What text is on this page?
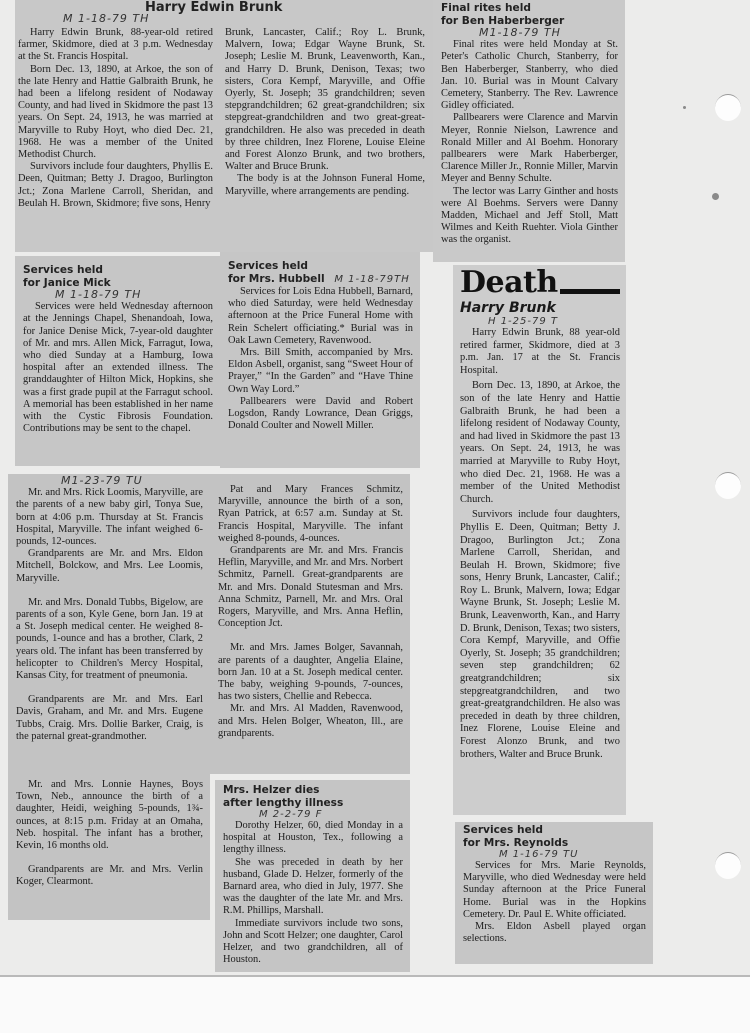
Harry Edwin Brunk
M 1-18-79 TH

Harry Edwin Brunk, 88-year-old retired farmer, Skidmore, died at 3 p.m. Wednesday at the St. Francis Hospital.

Born Dec. 13, 1890, at Arkoe, the son of the late Henry and Hattie Galbraith Brunk, he had been a lifelong resident of Nodaway County, and had lived in Skidmore the past 13 years. On Sept. 24, 1913, he was married at Maryville to Ruby Hoyt, who died Dec. 21, 1968. He was a member of the United Methodist Church.

Survivors include four daughters, Phyllis E. Deen, Quitman; Betty J. Dragoo, Burlington Jct.; Zona Marlene Carroll, Sheridan, and Beulah H. Brown, Skidmore; five sons, Henry

Brunk, Lancaster, Calif.; Roy L. Brunk, Malvern, Iowa; Edgar Wayne Brunk, St. Joseph; Leslie M. Brunk, Leavenworth, Kan., and Harry D. Brunk, Denison, Texas; two sisters, Cora Kempf, Maryville, and Offie Oyerly, St. Joseph; 35 grandchildren; seven stepgrandchildren; 62 great-grandchildren; six stepgreat-grandchildren and two great-great-grandchildren. He also was preceded in death by three children, Inez Florene, Louise Eleine and Forest Alonzo Brunk, and two brothers, Walter and Bruce Brunk.

The body is at the Johnson Funeral Home, Maryville, where arrangements are pending.

Final rites held
for Ben Haberberger
M1-18-79 TH

Final rites were held Monday at St. Peter's Catholic Church, Stanberry, for Ben Haberberger, Stanberry, who died Jan. 10. Burial was in Mount Calvary Cemetery, Stanberry. The Rev. Lawrence Gidley officiated.

Pallbearers were Clarence and Marvin Meyer, Ronnie Nielson, Lawrence and Ronald Miller and Al Boehm. Honorary pallbearers were Mark Haberberger, Clarence Miller Jr., Ronnie Miller, Marvin Meyer and Benny Schulte.

The lector was Larry Ginther and hosts were Al Boehms. Servers were Danny Madden, Michael and Jeff Stoll, Matt Wilmes and Keith Ruehter. Viola Ginther was the organist.

Services held
for Janice Mick
M 1-18-79 TH

Services were held Wednesday afternoon at the Jennings Chapel, Shenandoah, Iowa, for Janice Denise Mick, 7-year-old daughter of Mr. and mrs. Allen Mick, Farragut, Iowa, who died Sunday at a Hamburg, Iowa hospital after an extended illness. The granddaughter of Hilton Mick, Hopkins, she was a first grade pupil at the Farragut school. A memorial has been established in her name with the Cystic Fibrosis Foundation. Contributions may be sent to the chapel.

Services held
for Mrs. Hubbell M 1-18-79TH

Services for Lois Edna Hubbell, Barnard, who died Saturday, were held Wednesday afternoon at the Price Funeral Home with Rein Schelert officiating.* Burial was in Oak Lawn Cemetery, Ravenwood.

Mrs. Bill Smith, accompanied by Mrs. Eldon Asbell, organist, sang “Sweet Hour of Prayer,” “In the Garden” and “Have Thine Own Way Lord.”

Pallbearers were David and Robert Logsdon, Randy Lowrance, Dean Griggs, Donald Coulter and Nowell Miller.

Death
Harry Brunk
H 1-25-79 T

Harry Edwin Brunk, 88 year-old retired farmer, Skidmore, died at 3 p.m. Jan. 17 at the St. Francis Hospital.

Born Dec. 13, 1890, at Arkoe, the son of the late Henry and Hattie Galbraith Brunk, he had been a lifelong resident of Nodaway County, and had lived in Skidmore the past 13 years. On Sept. 24, 1913, he was married at Maryville to Ruby Hoyt, who died Dec. 21, 1968. He was a member of the United Methodist Church.

Survivors include four daughters, Phyllis E. Deen, Quitman; Betty J. Dragoo, Burlington Jct.; Zona Marlene Carroll, Sheridan, and Beulah H. Brown, Skidmore; five sons, Henry Brunk, Lancaster, Calif.; Roy L. Brunk, Malvern, Iowa; Edgar Wayne Brunk, St. Joseph; Leslie M. Brunk, Leavenworth, Kan., and Harry D. Brunk, Denison, Texas; two sisters, Cora Kempf, Maryville, and Offie Oyerly, St. Joseph; 35 grandchildren; seven step grandchildren; 62 greatgrandchildren; six stepgreatgrandchildren, and two great-greatgrandchildren. He also was preceded in death by three children, Inez Florene, Louise Eleine and Forest Alonzo Brunk, and two brothers, Walter and Bruce Brunk.

M1-23-79 TU

Mr. and Mrs. Rick Loomis, Maryville, are the parents of a new baby girl, Tonya Sue, born at 4:06 p.m. Thursday at St. Francis Hospital, Maryville. The infant weighed 6-pounds, 12-ounces.

Grandparents are Mr. and Mrs. Eldon Mitchell, Bolckow, and Mrs. Lee Loomis, Maryville.

Mr. and Mrs. Donald Tubbs, Bigelow, are parents of a son, Kyle Gene, born Jan. 19 at a St. Joseph medical center. He weighed 8-pounds, 1-ounce and has a brother, Clark, 2 years old. The infant has been transferred by helicopter to Children's Mercy Hospital, Kansas City, for treatment of pneumonia.

Grandparents are Mr. and Mrs. Earl Davis, Graham, and Mr. and Mrs. Eugene Tubbs, Craig. Mrs. Dollie Barker, Craig, is the paternal great-grandmother.

Mr. and Mrs. Lonnie Haynes, Boys Town, Neb., announce the birth of a daughter, Heidi, weighing 5-pounds, 1¾-ounces, at 8:15 p.m. Friday at an Omaha, Neb. hospital. The infant has a brother, Kevin, 16 months old.

Grandparents are Mr. and Mrs. Verlin Koger, Clearmont.

Pat and Mary Frances Schmitz, Maryville, announce the birth of a son, Ryan Patrick, at 6:57 a.m. Sunday at St. Francis Hospital, Maryville. The infant weighed 8-pounds, 4-ounces.

Grandparents are Mr. and Mrs. Francis Heflin, Maryville, and Mr. and Mrs. Norbert Schmitz, Parnell. Great-grandparents are Mr. and Mrs. Donald Stutesman and Mrs. Anna Schmitz, Parnell, Mr. and Mrs. Oral Rogers, Maryville, and Mrs. Anna Heflin, Conception Jct.

Mr. and Mrs. James Bolger, Savannah, are parents of a daughter, Angelia Elaine, born Jan. 10 at a St. Joseph medical center. The baby, weighing 9-pounds, 7-ounces, has two sisters, Chellie and Rebecca.

Mr. and Mrs. Al Madden, Ravenwood, and Mrs. Helen Bolger, Wheaton, Ill., are grandparents.

Mrs. Helzer dies
after lengthy illness
M 2-2-79 F

Dorothy Helzer, 60, died Monday in a hospital at Houston, Tex., following a lengthy illness.

She was preceded in death by her husband, Glade D. Helzer, formerly of the Barnard area, who died in July, 1977. She was the daughter of the late Mr. and Mrs. R.M. Phillips, Marshall.

Immediate survivors include two sons, John and Scott Helzer; one daughter, Carol Helzer, and two grandchildren, all of Houston.

Services held
for Mrs. Reynolds
M 1-16-79 TU

Services for Mrs. Marie Reynolds, Maryville, who died Wednesday were held Sunday afternoon at the Price Funeral Home. Burial was in the Hopkins Cemetery. Dr. Paul E. White officiated.

Mrs. Eldon Asbell played organ selections.
